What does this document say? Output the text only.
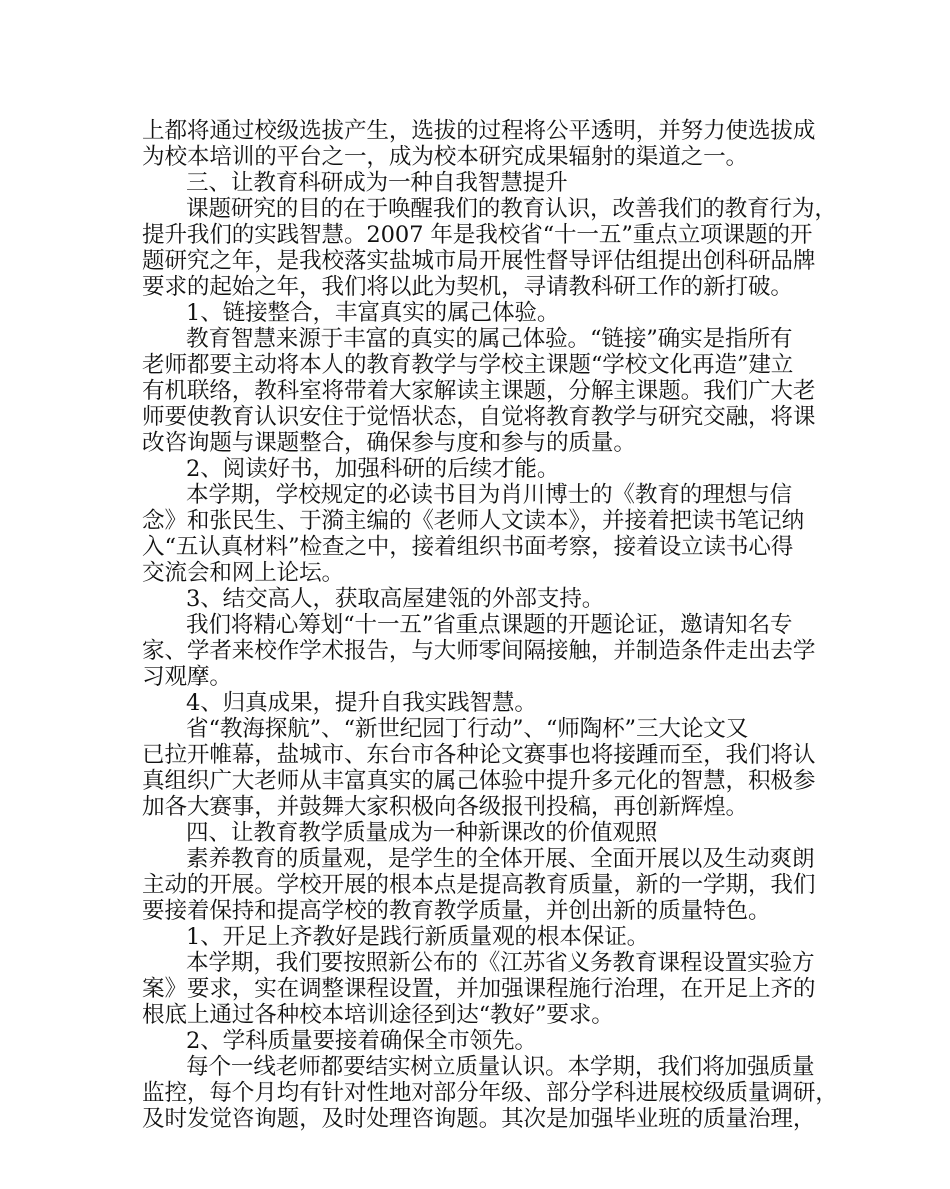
上都将通过校级选拔产生，选拔的过程将公平透明，并努力使选拔成
为校本培训的平台之一，成为校本研究成果辐射的渠道之一。
三、让教育科研成为一种自我智慧提升
课题研究的目的在于唤醒我们的教育认识，改善我们的教育行为，
提升我们的实践智慧。2007 年是我校省“十一五”重点立项课题的开
题研究之年，是我校落实盐城市局开展性督导评估组提出创科研品牌
要求的起始之年，我们将以此为契机，寻请教科研工作的新打破。
1、链接整合，丰富真实的属己体验。
教育智慧来源于丰富的真实的属己体验。“链接”确实是指所有
老师都要主动将本人的教育教学与学校主课题“学校文化再造”建立
有机联络，教科室将带着大家解读主课题，分解主课题。我们广大老
师要使教育认识安住于觉悟状态，自觉将教育教学与研究交融，将课
改咨询题与课题整合，确保参与度和参与的质量。
2、阅读好书，加强科研的后续才能。
本学期，学校规定的必读书目为肖川博士的《教育的理想与信
念》和张民生、于漪主编的《老师人文读本》，并接着把读书笔记纳
入“五认真材料”检查之中，接着组织书面考察，接着设立读书心得
交流会和网上论坛。
3、结交高人，获取高屋建瓴的外部支持。
我们将精心筹划“十一五”省重点课题的开题论证，邀请知名专
家、学者来校作学术报告，与大师零间隔接触，并制造条件走出去学
习观摩。
4、归真成果，提升自我实践智慧。
省“教海探航”、“新世纪园丁行动”、“师陶杯”三大论文又
已拉开帷幕，盐城市、东台市各种论文赛事也将接踵而至，我们将认
真组织广大老师从丰富真实的属己体验中提升多元化的智慧，积极参
加各大赛事，并鼓舞大家积极向各级报刊投稿，再创新辉煌。
四、让教育教学质量成为一种新课改的价值观照
素养教育的质量观，是学生的全体开展、全面开展以及生动爽朗
主动的开展。学校开展的根本点是提高教育质量，新的一学期，我们
要接着保持和提高学校的教育教学质量，并创出新的质量特色。
1、开足上齐教好是践行新质量观的根本保证。
本学期，我们要按照新公布的《江苏省义务教育课程设置实验方
案》要求，实在调整课程设置，并加强课程施行治理，在开足上齐的
根底上通过各种校本培训途径到达“教好”要求。
2、学科质量要接着确保全市领先。
每个一线老师都要结实树立质量认识。本学期，我们将加强质量
监控，每个月均有针对性地对部分年级、部分学科进展校级质量调研，
及时发觉咨询题，及时处理咨询题。其次是加强毕业班的质量治理，
